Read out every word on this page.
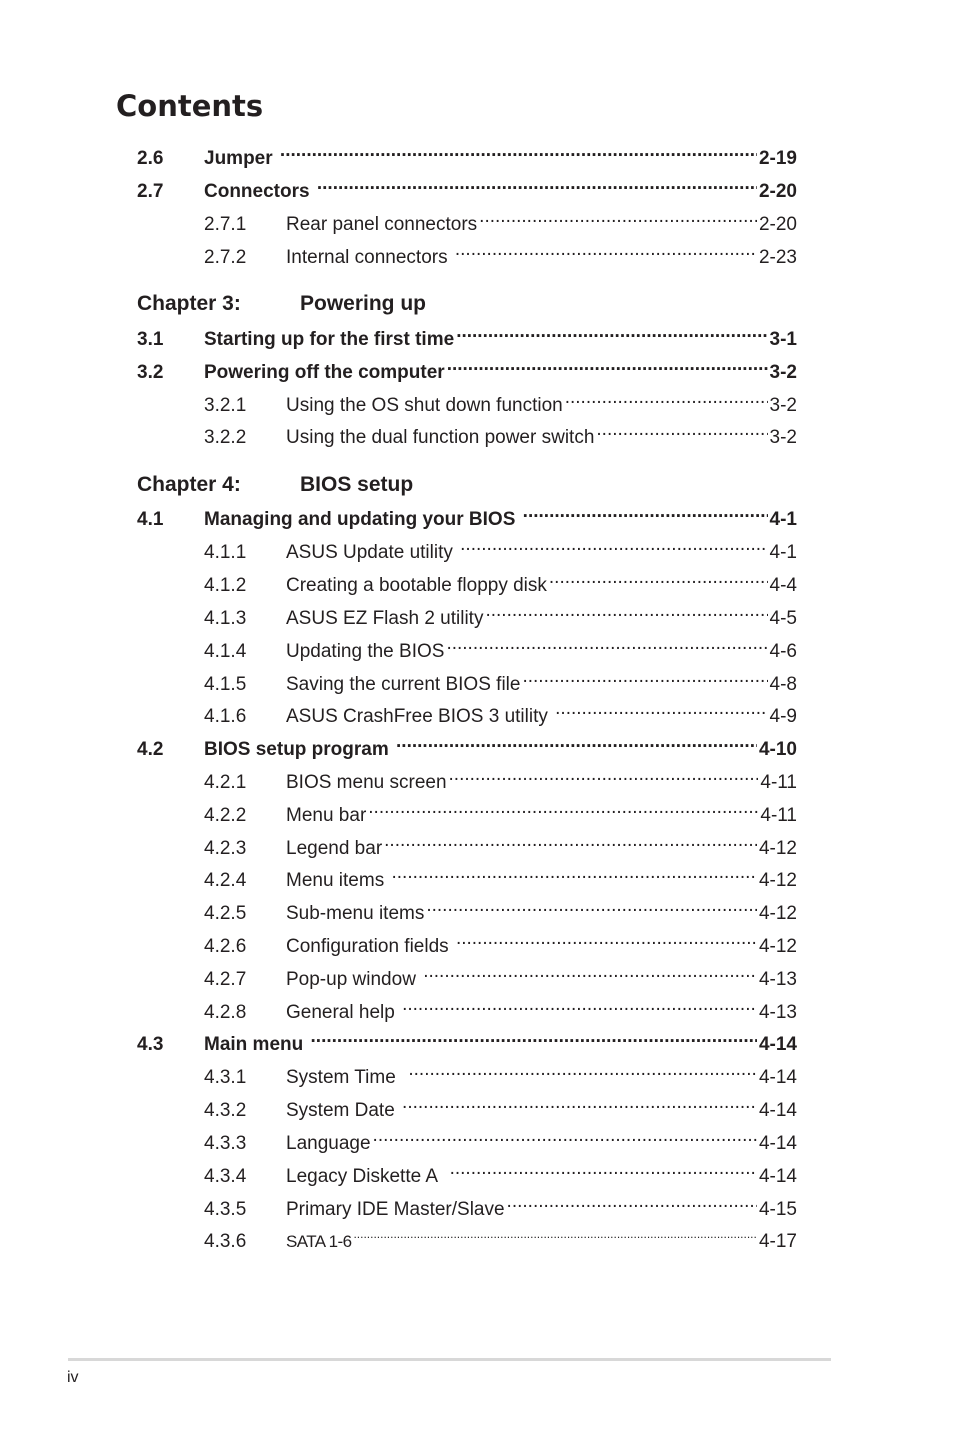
Contents
2.6	Jumper .....	2-19
2.7	Connectors .....	2-20
2.7.1	Rear panel connectors .....	2-20
2.7.2	Internal connectors .....	2-23
Chapter 3:	Powering up
3.1	Starting up for the first time .....	3-1
3.2	Powering off the computer .....	3-2
3.2.1	Using the OS shut down function .....	3-2
3.2.2	Using the dual function power switch .....	3-2
Chapter 4:	BIOS setup
4.1	Managing and updating your BIOS .....	4-1
4.1.1	ASUS Update utility .....	4-1
4.1.2	Creating a bootable floppy disk .....	4-4
4.1.3	ASUS EZ Flash 2 utility .....	4-5
4.1.4	Updating the BIOS .....	4-6
4.1.5	Saving the current BIOS file .....	4-8
4.1.6	ASUS CrashFree BIOS 3 utility .....	4-9
4.2	BIOS setup program .....	4-10
4.2.1	BIOS menu screen .....	4-11
4.2.2	Menu bar .....	4-11
4.2.3	Legend bar .....	4-12
4.2.4	Menu items .....	4-12
4.2.5	Sub-menu items .....	4-12
4.2.6	Configuration fields .....	4-12
4.2.7	Pop-up window .....	4-13
4.2.8	General help .....	4-13
4.3	Main menu .....	4-14
4.3.1	System Time .....	4-14
4.3.2	System Date .....	4-14
4.3.3	Language .....	4-14
4.3.4	Legacy Diskette A .....	4-14
4.3.5	Primary IDE Master/Slave .....	4-15
4.3.6	SATA 1-6 .....	4-17
iv
